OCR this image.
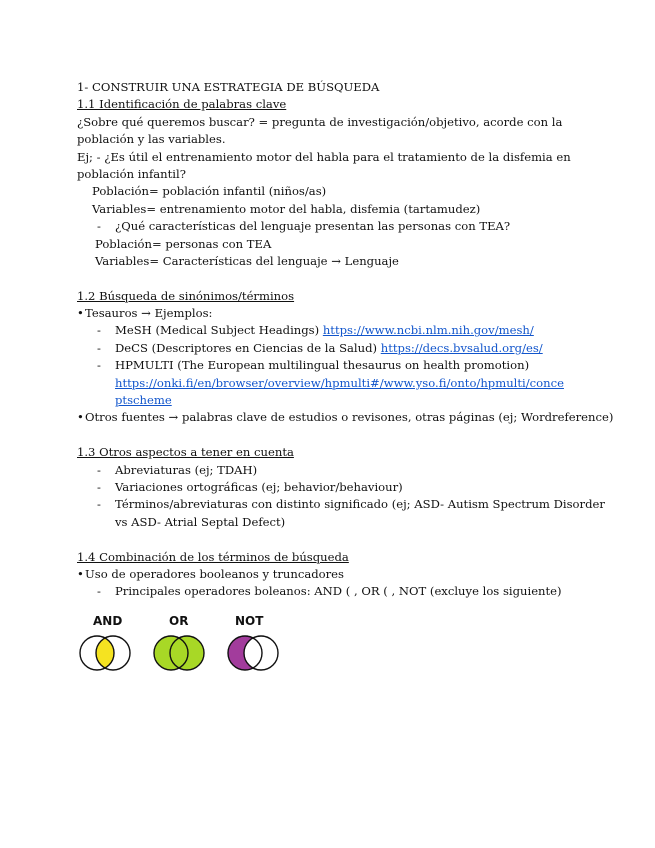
1- CONSTRUIR UNA ESTRATEGIA DE BÚSQUEDA
1.1 Identificación de palabras clave
¿Sobre qué queremos buscar? = pregunta de investigación/objetivo, acorde con la
población y las variables.
Ej; - ¿Es útil el entrenamiento motor del habla para el tratamiento de la disfemia en
población infantil?
Población= población infantil (niños/as)
Variables= entrenamiento motor del habla, disfemia (tartamudez)
- ¿Qué características del lenguaje presentan las personas con TEA?
Población= personas con TEA
Variables= Características del lenguaje → Lenguaje
1.2 Búsqueda de sinónimos/términos
•Tesauros → Ejemplos:
- MeSH (Medical Subject Headings) https://www.ncbi.nlm.nih.gov/mesh/
- DeCS (Descriptores en Ciencias de la Salud) https://decs.bvsalud.org/es/
- HPMULTI (The European multilingual thesaurus on health promotion)
https://onki.fi/en/browser/overview/hpmulti#/www.yso.fi/onto/hpmulti/conce
ptscheme
•Otros fuentes → palabras clave de estudios o revisones, otras páginas (ej; Wordreference)
1.3 Otros aspectos a tener en cuenta
- Abreviaturas (ej; TDAH)
- Variaciones ortográficas (ej; behavior/behaviour)
- Términos/abreviaturas con distinto significado (ej; ASD- Autism Spectrum Disorder
vs ASD- Atrial Septal Defect)
1.4 Combinación de los términos de búsqueda
•Uso de operadores booleanos y truncadores
- Principales operadores boleanos: AND ( , OR ( , NOT (excluye los siguiente)
AND	OR	NOT
